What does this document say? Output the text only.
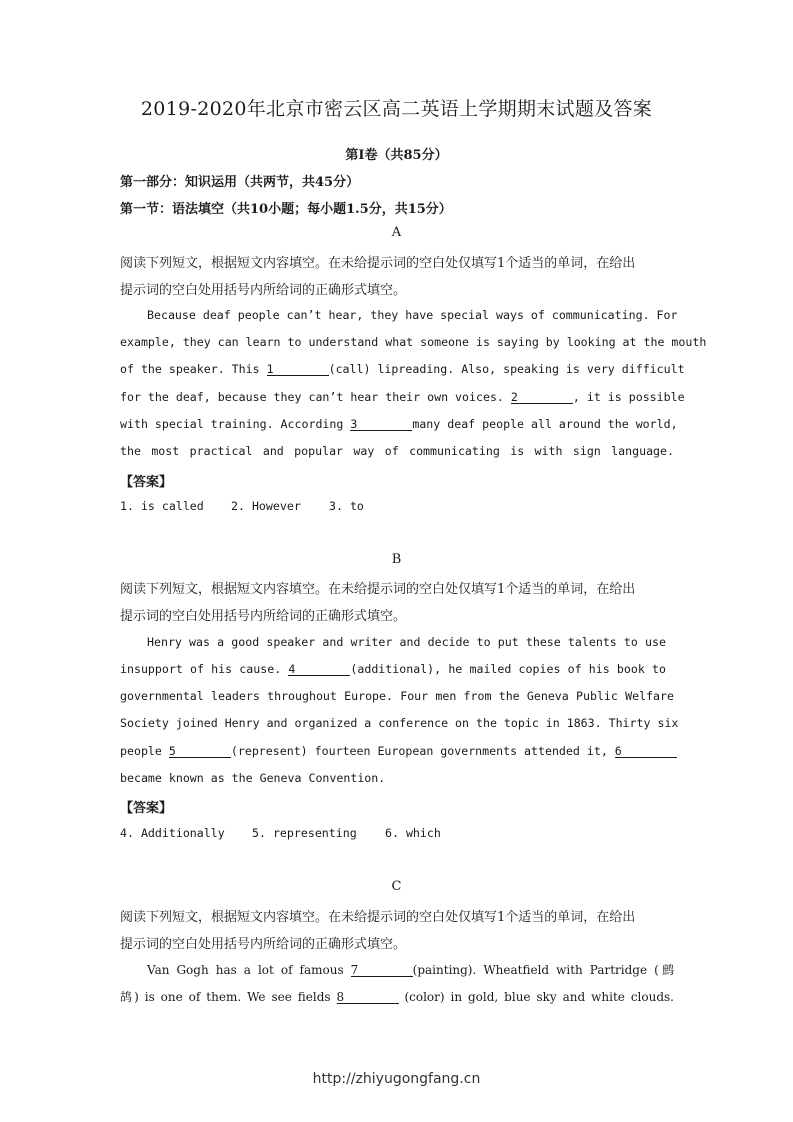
2019-2020年北京市密云区高二英语上学期期末试题及答案
第Ⅰ卷（共85分）
第一部分：知识运用（共两节，共45分）
第一节：语法填空（共10小题；每小题1.5分，共15分）
A
阅读下列短文，根据短文内容填空。在未给提示词的空白处仅填写1个适当的单词，在给出
提示词的空白处用括号内所给词的正确形式填空。
Because deaf people can’t hear, they have special ways of communicating. For
example, they can learn to understand what someone is saying by looking at the mouth
of the speaker. This 1	(call) lipreading. Also, speaking is very difficult
for the deaf, because they can’t hear their own voices. 2	, it is possible
with special training. According 3	many deaf people all around the world,
the most practical and popular way of communicating is with sign language.
【答案】
1. is called 2. However 3. to
B
阅读下列短文，根据短文内容填空。在未给提示词的空白处仅填写1个适当的单词，在给出
提示词的空白处用括号内所给词的正确形式填空。
Henry was a good speaker and writer and decide to put these talents to use
insupport of his cause. 4	(additional), he mailed copies of his book to
governmental leaders throughout Europe. Four men from the Geneva Public Welfare
Society joined Henry and organized a conference on the topic in 1863. Thirty six
people 5	(represent) fourteen European governments attended it, 6
became known as the Geneva Convention.
【答案】
4. Additionally 5. representing 6. which
C
阅读下列短文，根据短文内容填空。在未给提示词的空白处仅填写1个适当的单词，在给出
提示词的空白处用括号内所给词的正确形式填空。
Van Gogh has a lot of famous 7	(painting). Wheatfield with Partridge (鹧
鸪) is one of them. We see fields 8	(color) in gold, blue sky and white clouds.
http://zhiyugongfang.cn
